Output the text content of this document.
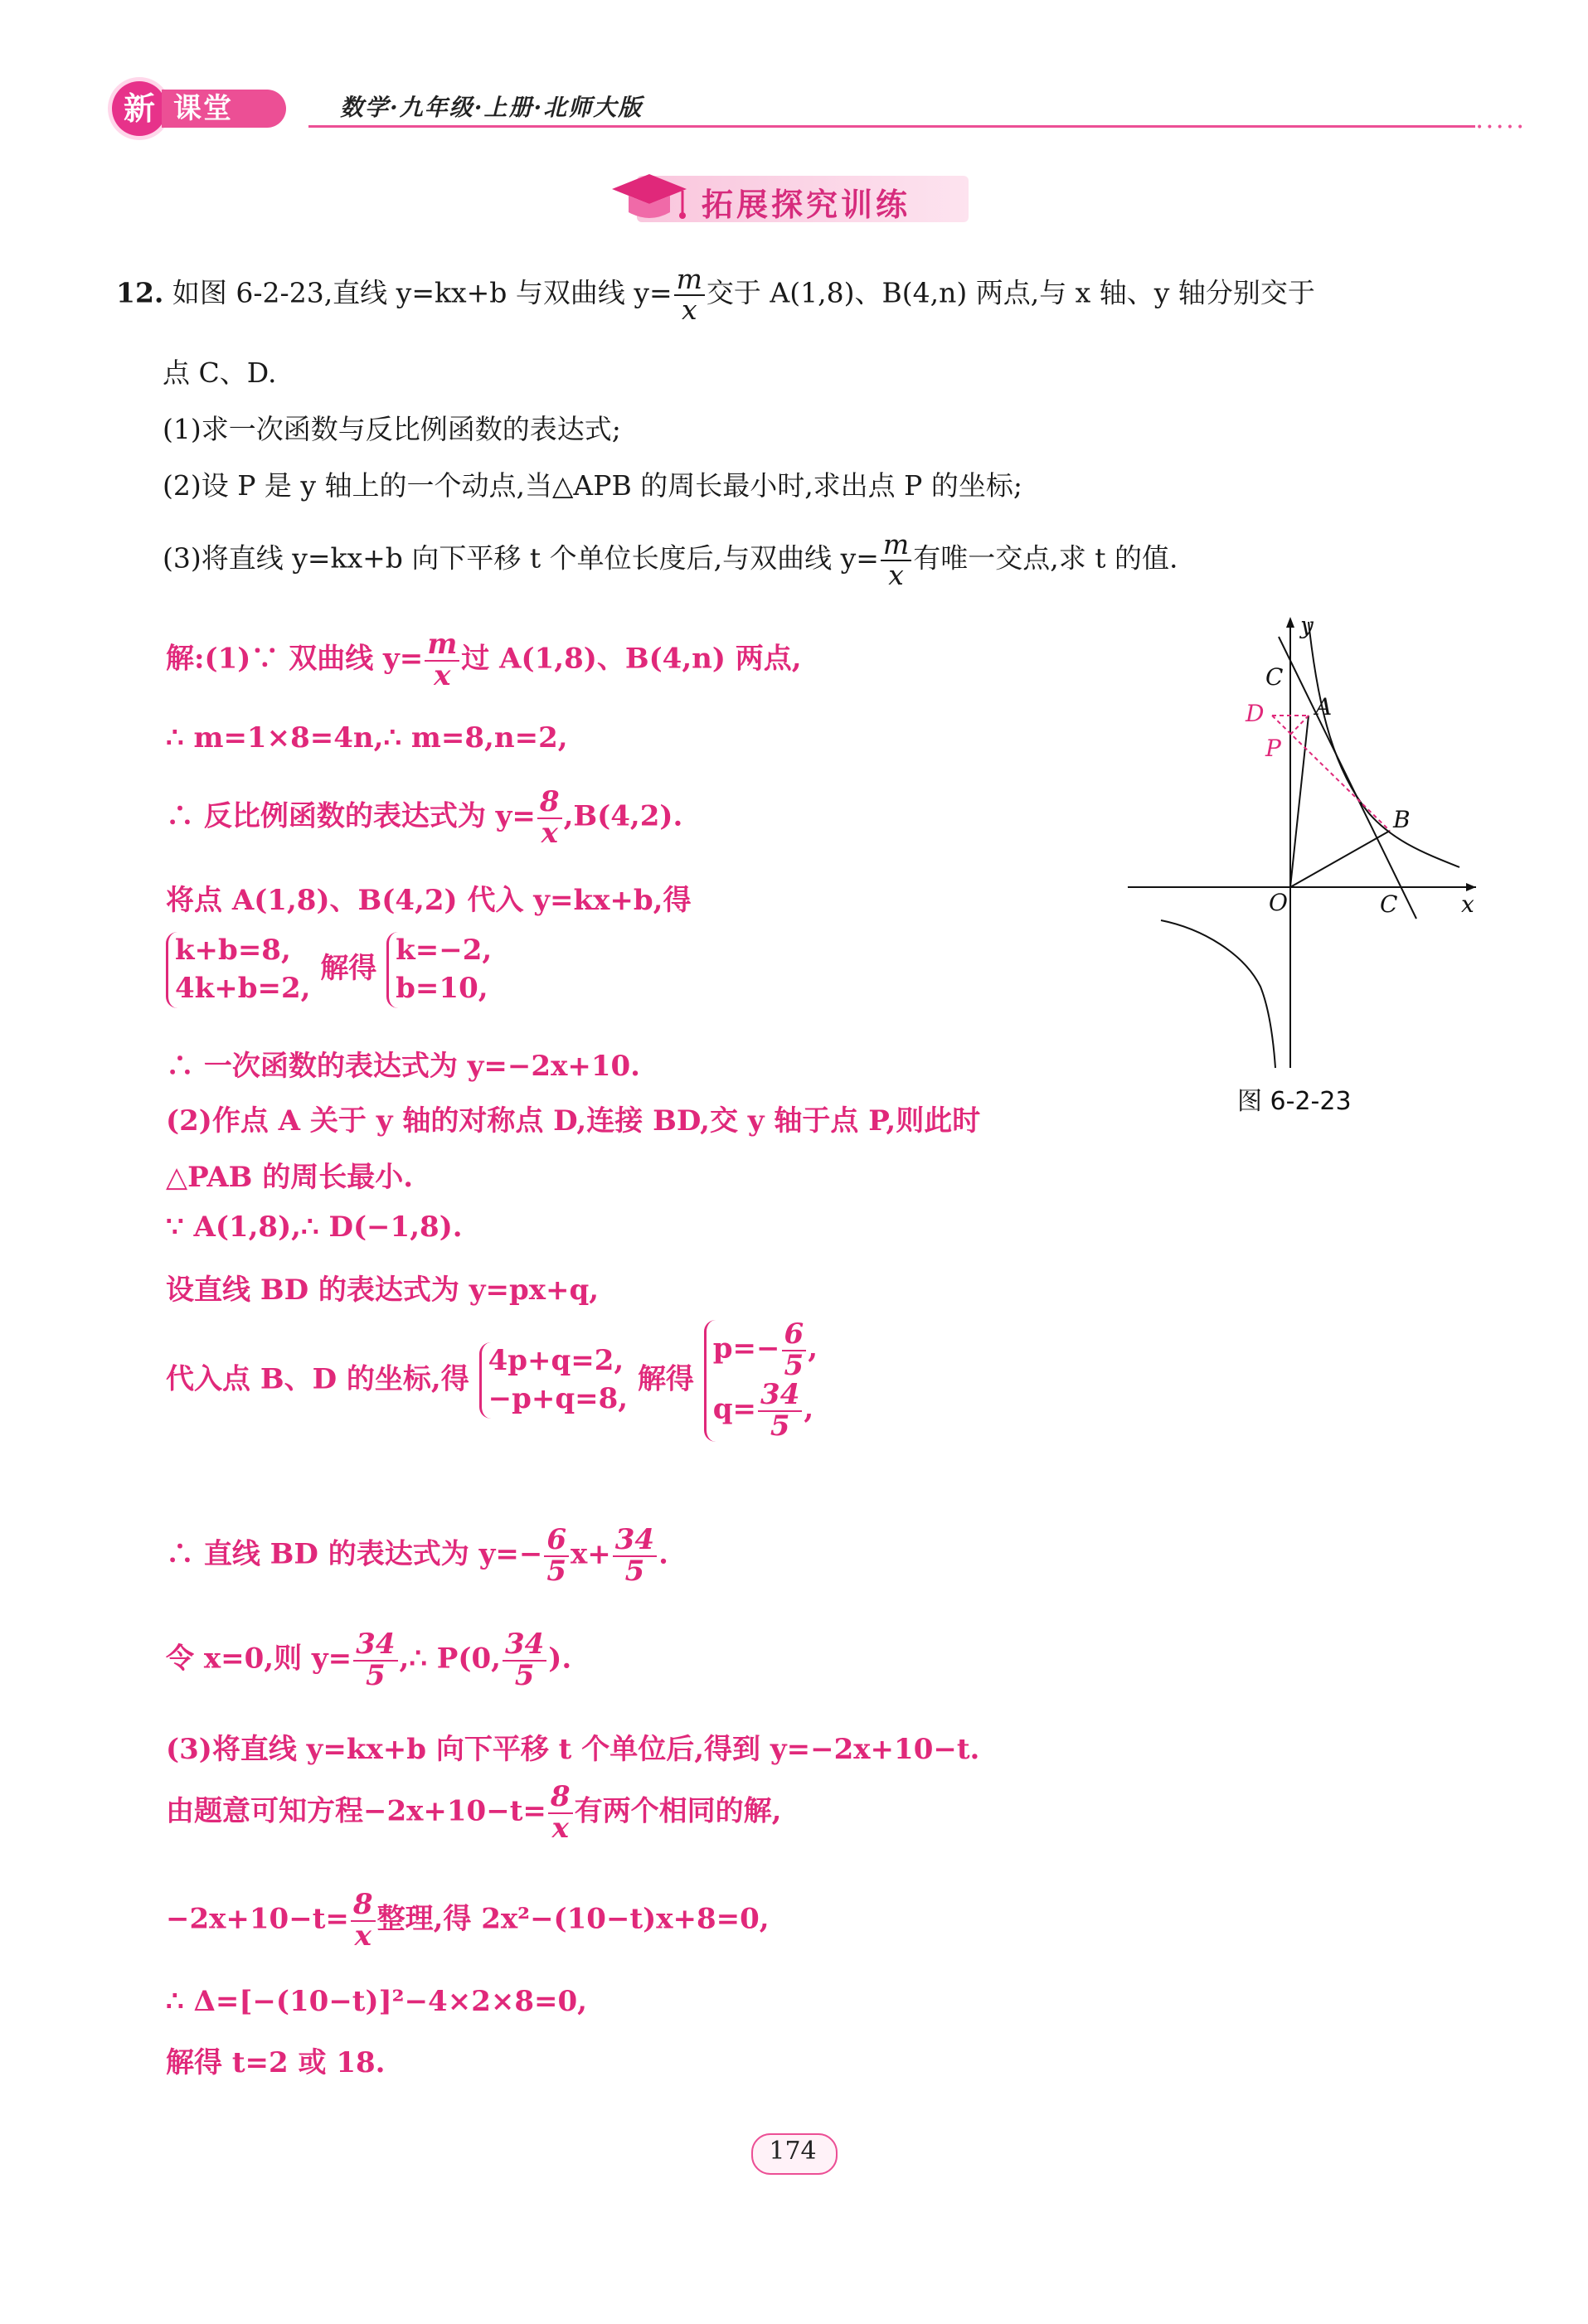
新 课堂	数学·九年级·上册·北师大版
•••••
拓展探究训练
12. 如图 6-2-23,直线 y=kx+b 与双曲线 $y= \frac{m}{x}$ 交于 A(1,8)、B(4,n) 两点,与 x 轴、y 轴分别交于
点 C、D.
(1)求一次函数与反比例函数的表达式;
(2)设 P 是 y 轴上的一个动点,当△APB 的周长最小时,求出点 P 的坐标;
(3)将直线 y=kx+b 向下平移 t 个单位长度后,与双曲线 $y= \frac{m}{x}$ 有唯一交点,求 t 的值.
解:(1)∵ 双曲线 $y= \frac{m}{x}$ 过 A(1,8)、B(4,n) 两点,
∴ m=1×8=4n,∴ m=8,n=2,
∴ 反比例函数的表达式为 $y= \frac{8}{x} ,B(4,2)$.
将点 A(1,8)、B(4,2) 代入 y=kx+b,得
k+b=8,
4k+b=2, 解得 k=−2,
b=10,
∴ 一次函数的表达式为 y=−2x+10.
(2)作点 A 关于 y 轴的对称点 D,连接 BD,交 y 轴于点 P,则此时
△PAB 的周长最小.
∵ A(1,8),∴ D(−1,8).
设直线 BD 的表达式为 y=px+q,
代入点 B、D 的坐标,得 4p+q=2,
−p+q=8, 解得 $p=- \frac{6}{5}$ ,
$q= \frac{34}{5}$ ,
∴ 直线 BD 的表达式为 $y=- \frac{6}{5} x+ \frac{34}{5}$ .
令 x=0,则 $y= \frac{34}{5}$ ,∴ P(0, $\frac{34}{5}$ ).
(3)将直线 y=kx+b 向下平移 t 个单位后,得到 y=−2x+10−t.
由题意可知方程$-2x+10-t= \frac{8}{x}$ 有两个相同的解,
$-2x+10-t= \frac{8}{x}$ 整理,得 2x²−(10−t)x+8=0,
∴ Δ=[−(10−t)]²−4×2×8=0,
解得 t=2 或 18.
y
x
O
A
B
C
C
D
P
图 6-2-23
174
